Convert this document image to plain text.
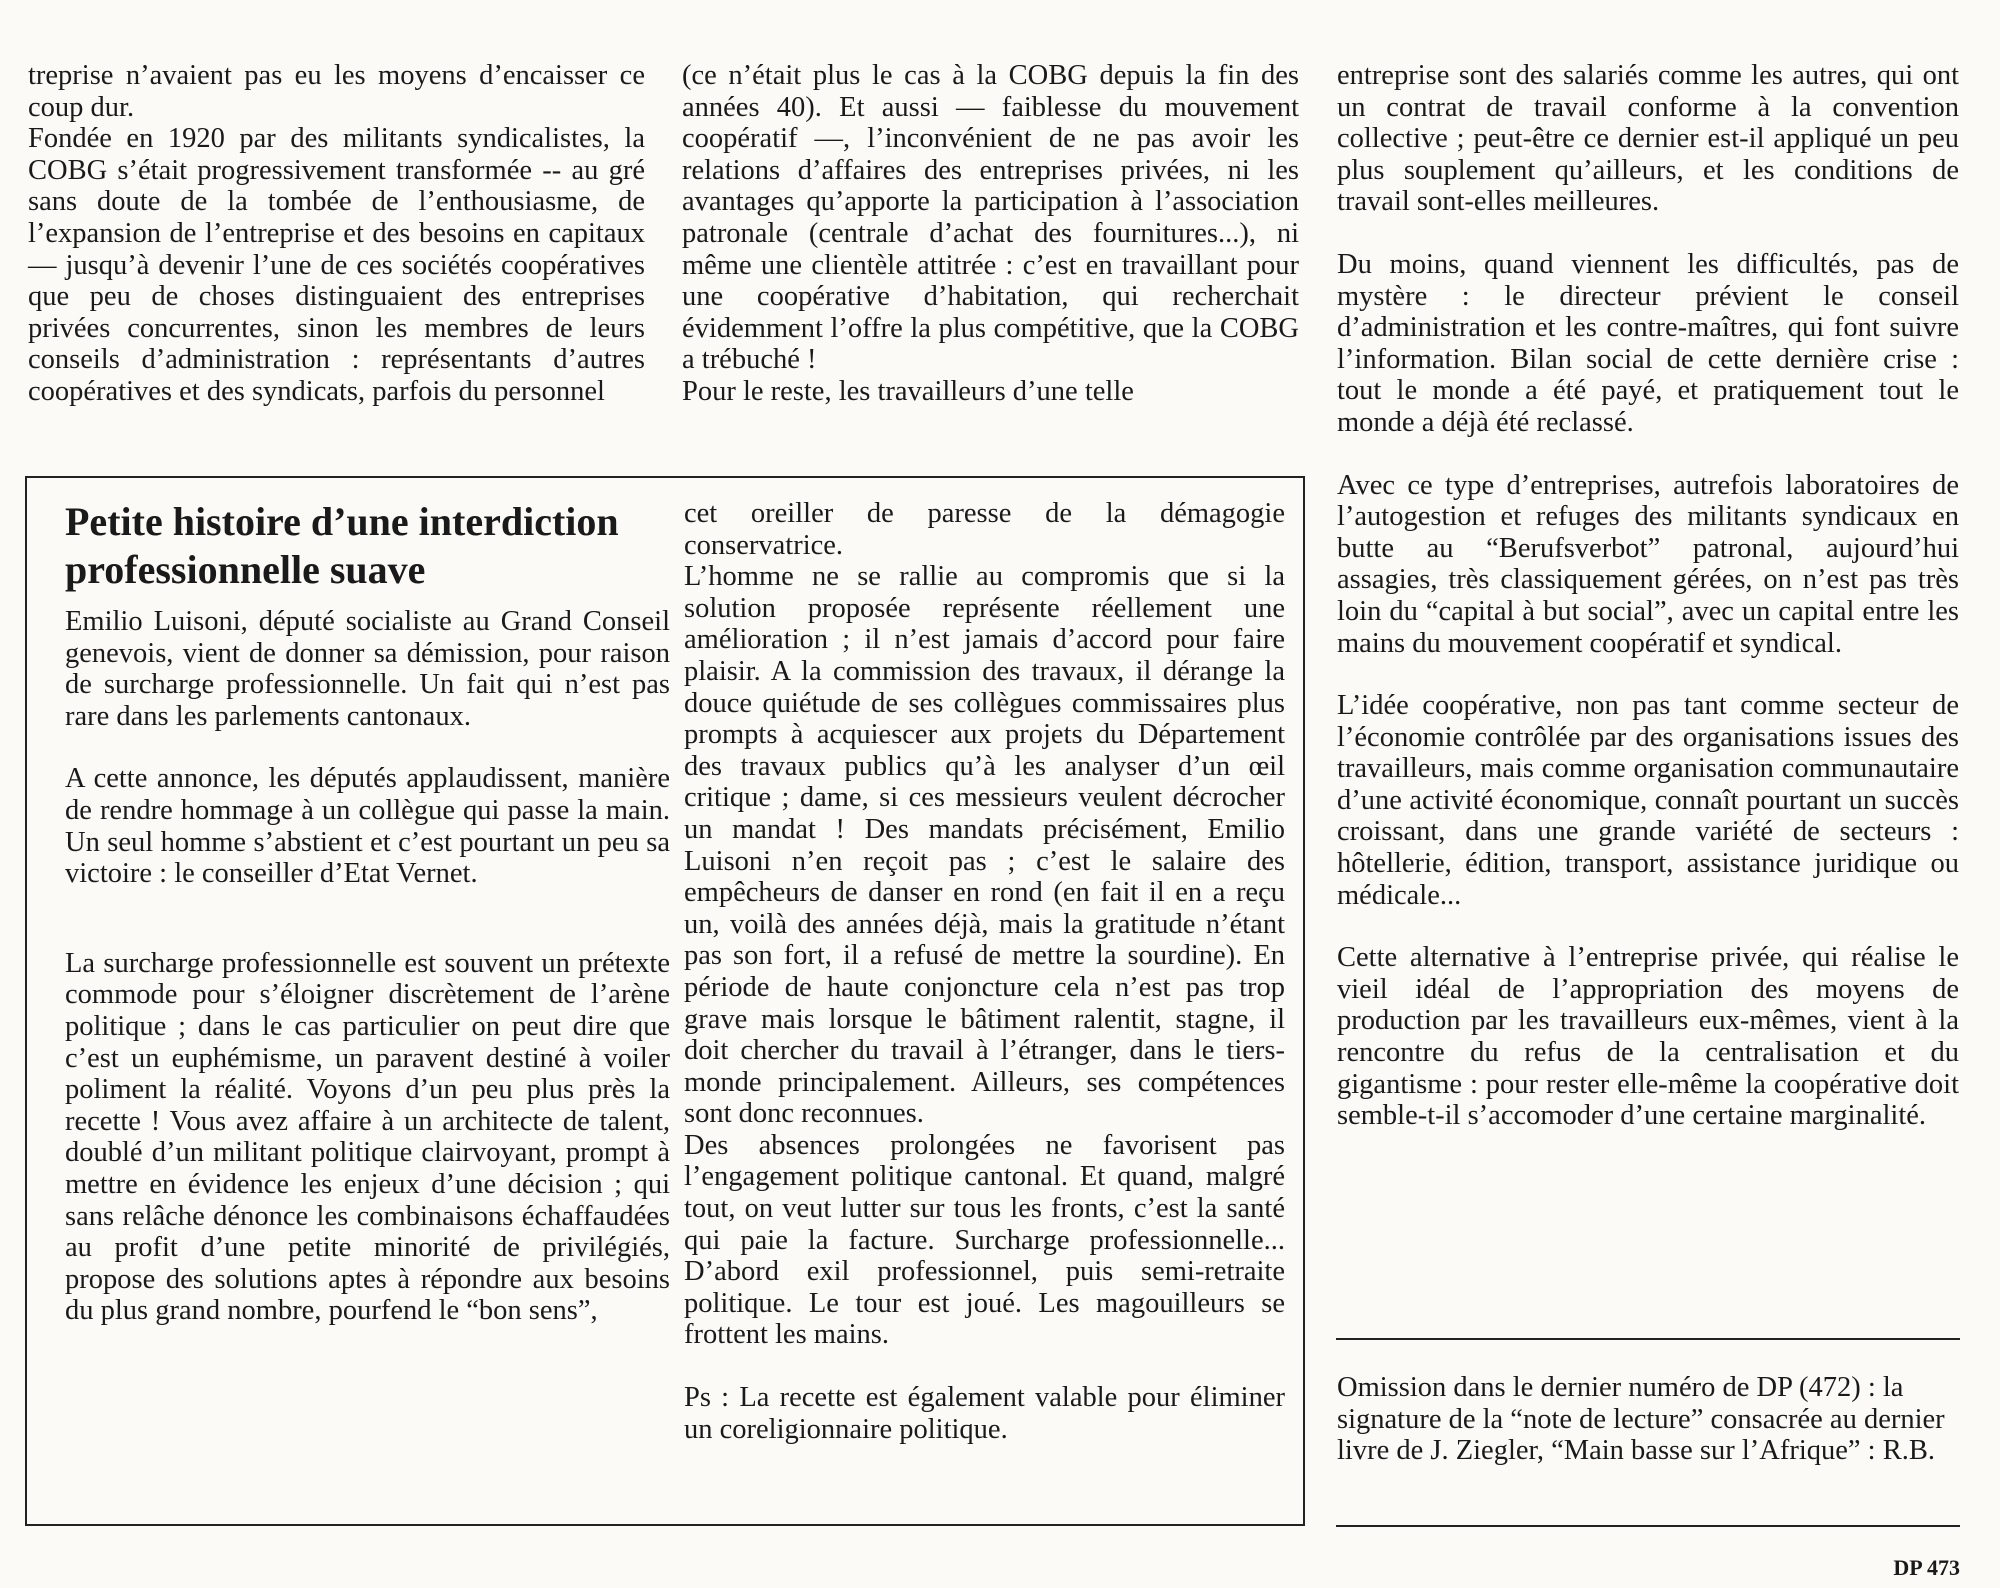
treprise n’avaient pas eu les moyens d’encaisser ce coup dur.

Fondée en 1920 par des militants syndicalistes, la COBG s’était progressivement transformée -- au gré sans doute de la tombée de l’enthousiasme, de l’expansion de l’entreprise et des besoins en capitaux — jusqu’à devenir l’une de ces sociétés coopératives que peu de choses distinguaient des entreprises privées concurrentes, sinon les membres de leurs conseils d’administration : représentants d’autres coopératives et des syndicats, parfois du personnel

(ce n’était plus le cas à la COBG depuis la fin des années 40). Et aussi — faiblesse du mouvement coopératif —, l’inconvénient de ne pas avoir les relations d’affaires des entreprises privées, ni les avantages qu’apporte la participation à l’association patronale (centrale d’achat des fournitures...), ni même une clientèle attitrée : c’est en travaillant pour une coopérative d’habitation, qui recherchait évidemment l’offre la plus compétitive, que la COBG a trébuché !

Pour le reste, les travailleurs d’une telle

entreprise sont des salariés comme les autres, qui ont un contrat de travail conforme à la convention collective ; peut-être ce dernier est-il appliqué un peu plus souplement qu’ailleurs, et les conditions de travail sont-elles meilleures.

Du moins, quand viennent les difficultés, pas de mystère : le directeur prévient le conseil d’administration et les contre-maîtres, qui font suivre l’information. Bilan social de cette dernière crise : tout le monde a été payé, et pratiquement tout le monde a déjà été reclassé.

Avec ce type d’entreprises, autrefois laboratoires de l’autogestion et refuges des militants syndicaux en butte au “Berufsverbot” patronal, aujourd’hui assagies, très classiquement gérées, on n’est pas très loin du “capital à but social”, avec un capital entre les mains du mouvement coopératif et syndical.

L’idée coopérative, non pas tant comme secteur de l’économie contrôlée par des organisations issues des travailleurs, mais comme organisation communautaire d’une activité économique, connaît pourtant un succès croissant, dans une grande variété de secteurs : hôtellerie, édition, transport, assistance juridique ou médicale...

Cette alternative à l’entreprise privée, qui réalise le vieil idéal de l’appropriation des moyens de production par les travailleurs eux-mêmes, vient à la rencontre du refus de la centralisation et du gigantisme : pour rester elle-même la coopérative doit semble-t-il s’accomoder d’une certaine marginalité.

Petite histoire d’une interdiction professionnelle suave

Emilio Luisoni, député socialiste au Grand Conseil genevois, vient de donner sa démission, pour raison de surcharge professionnelle. Un fait qui n’est pas rare dans les parlements cantonaux.

A cette annonce, les députés applaudissent, manière de rendre hommage à un collègue qui passe la main. Un seul homme s’abstient et c’est pourtant un peu sa victoire : le conseiller d’Etat Vernet.

La surcharge professionnelle est souvent un prétexte commode pour s’éloigner discrètement de l’arène politique ; dans le cas particulier on peut dire que c’est un euphémisme, un paravent destiné à voiler poliment la réalité. Voyons d’un peu plus près la recette ! Vous avez affaire à un architecte de talent, doublé d’un militant politique clairvoyant, prompt à mettre en évidence les enjeux d’une décision ; qui sans relâche dénonce les combinaisons échaffaudées au profit d’une petite minorité de privilégiés, propose des solutions aptes à répondre aux besoins du plus grand nombre, pourfend le “bon sens”,

cet oreiller de paresse de la démagogie conservatrice.

L’homme ne se rallie au compromis que si la solution proposée représente réellement une amélioration ; il n’est jamais d’accord pour faire plaisir. A la commission des travaux, il dérange la douce quiétude de ses collègues commissaires plus prompts à acquiescer aux projets du Département des travaux publics qu’à les analyser d’un œil critique ; dame, si ces messieurs veulent décrocher un mandat ! Des mandats précisément, Emilio Luisoni n’en reçoit pas ; c’est le salaire des empêcheurs de danser en rond (en fait il en a reçu un, voilà des années déjà, mais la gratitude n’étant pas son fort, il a refusé de mettre la sourdine). En période de haute conjoncture cela n’est pas trop grave mais lorsque le bâtiment ralentit, stagne, il doit chercher du travail à l’étranger, dans le tiers-monde principalement. Ailleurs, ses compétences sont donc reconnues.

Des absences prolongées ne favorisent pas l’engagement politique cantonal. Et quand, malgré tout, on veut lutter sur tous les fronts, c’est la santé qui paie la facture. Surcharge professionnelle... D’abord exil professionnel, puis semi-retraite politique. Le tour est joué. Les magouilleurs se frottent les mains.

Ps : La recette est également valable pour éliminer un coreligionnaire politique.

Omission dans le dernier numéro de DP (472) : la signature de la “note de lecture” consacrée au dernier livre de J. Ziegler, “Main basse sur l’Afrique” : R.B.
DP 473
